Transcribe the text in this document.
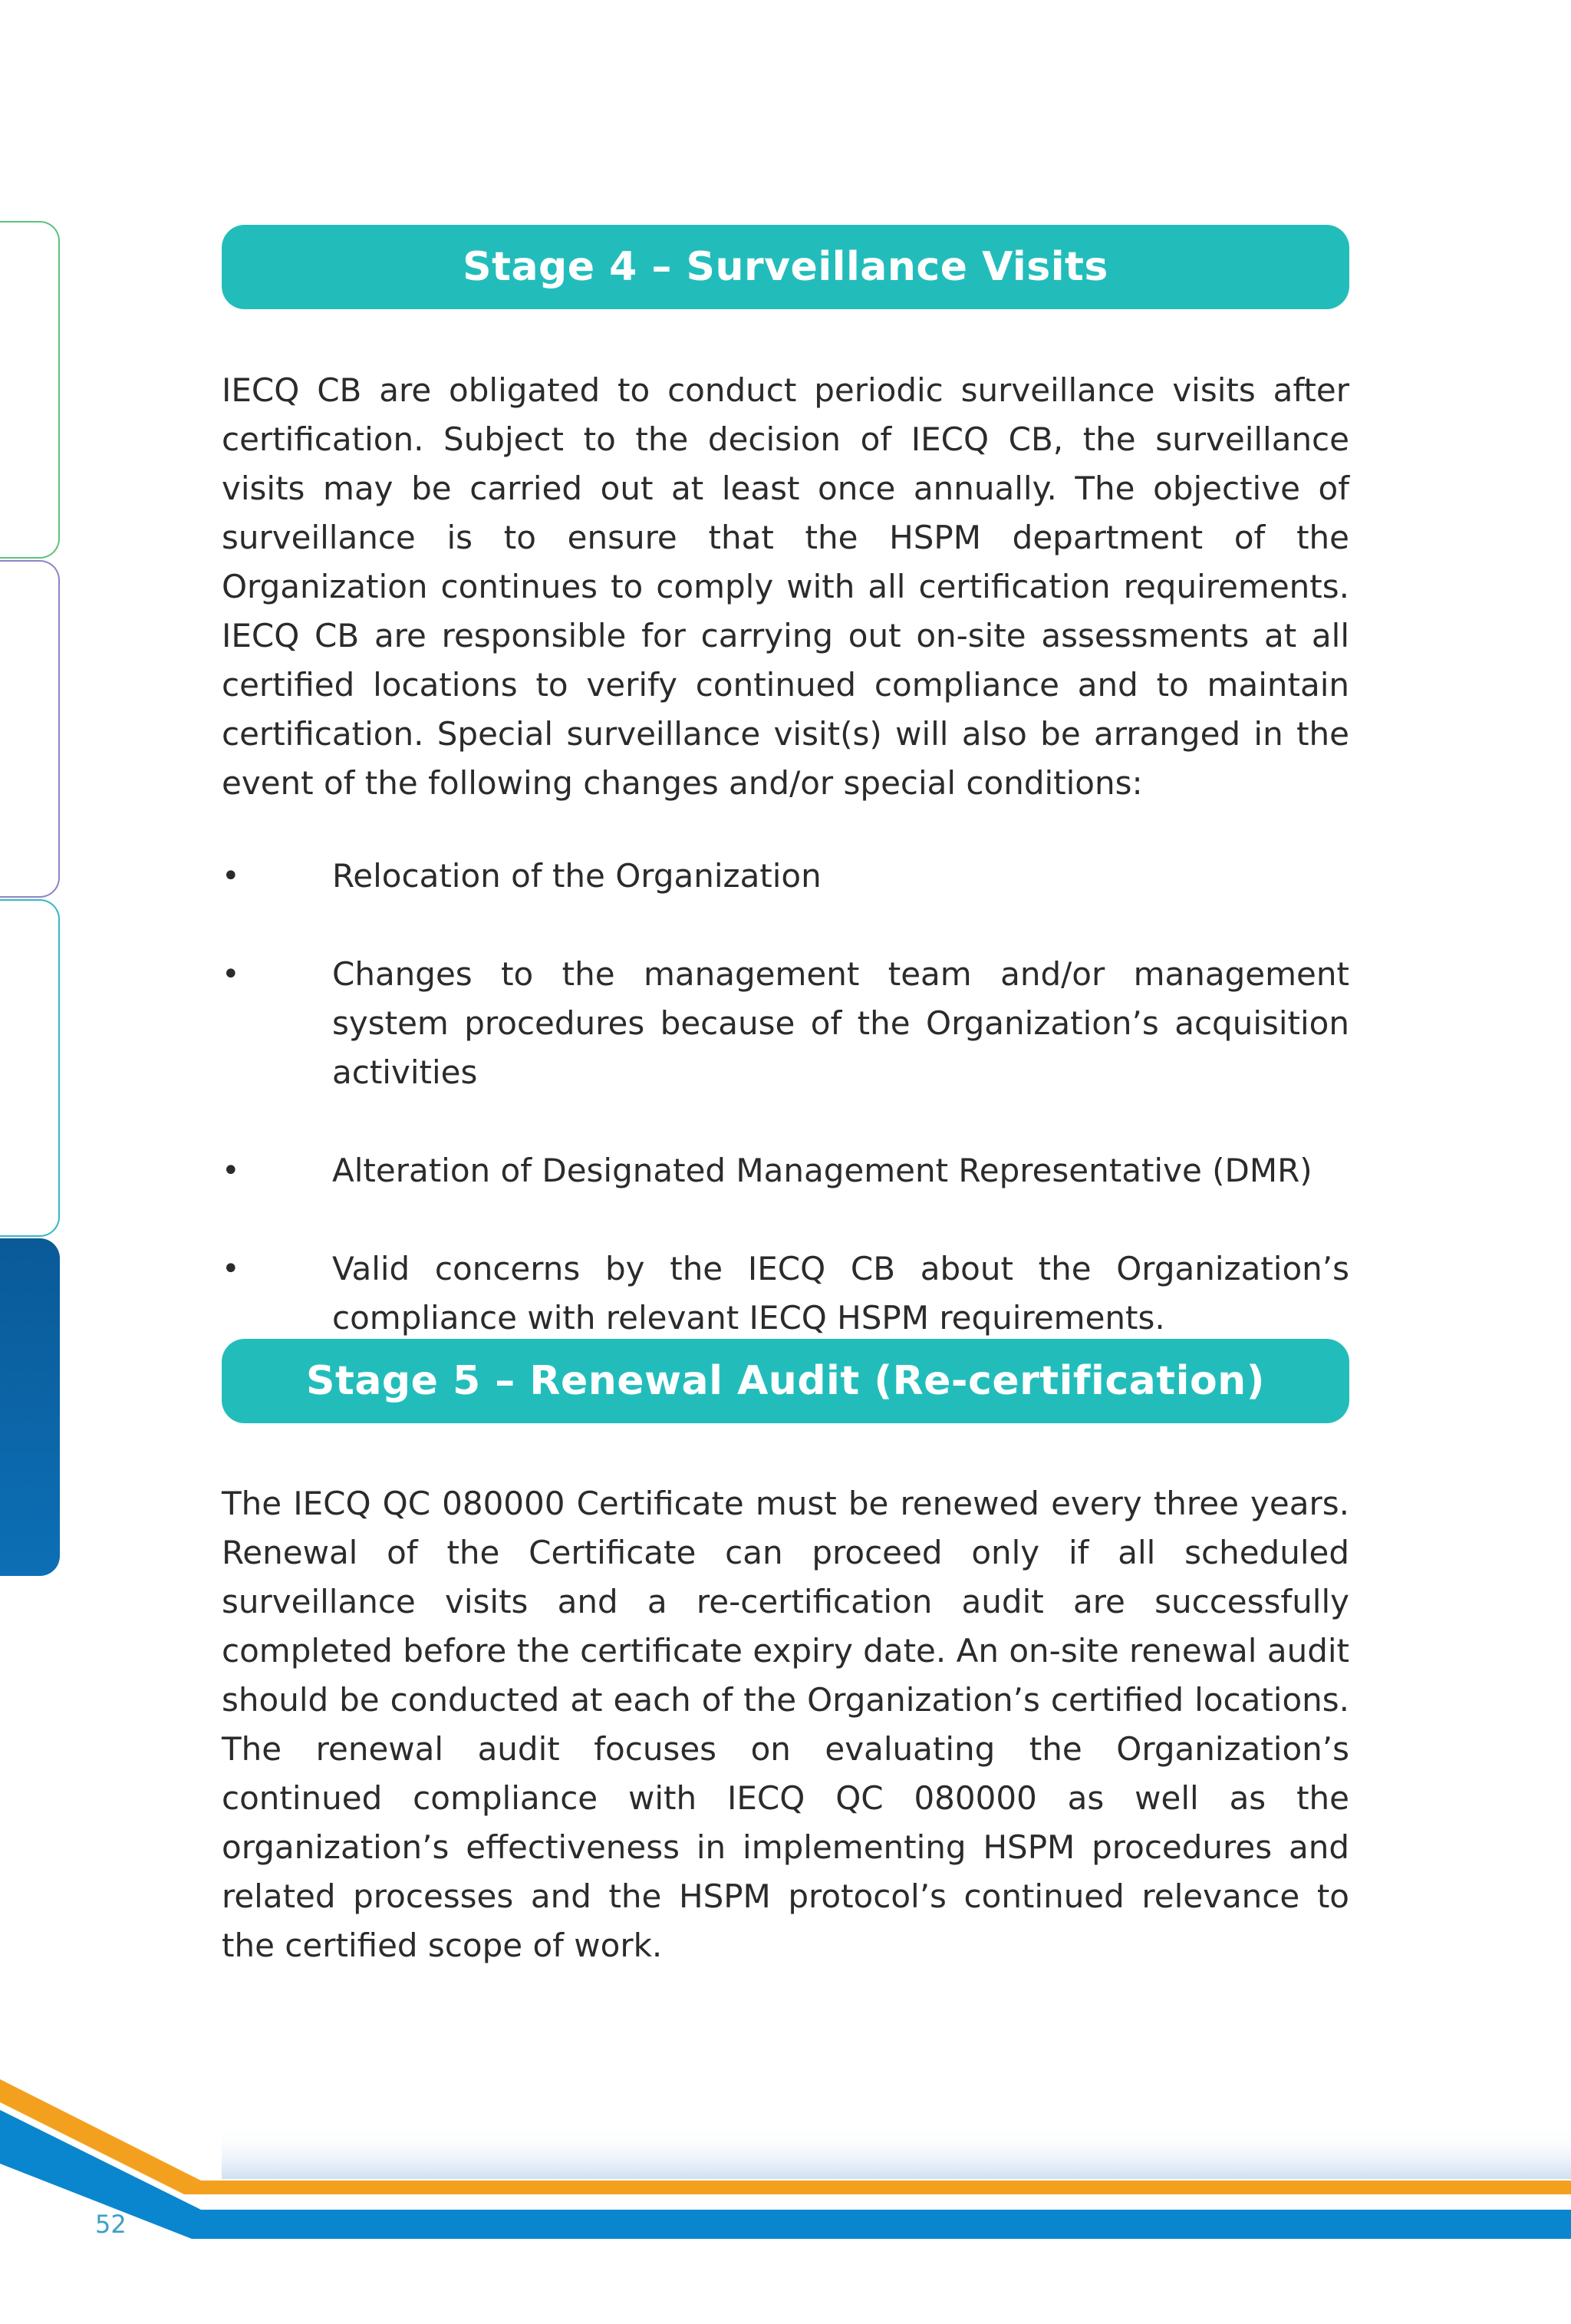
Stage 4 – Surveillance Visits

IECQ CB are obligated to conduct periodic surveillance visits after certification. Subject to the decision of IECQ CB, the surveillance visits may be carried out at least once annually. The objective of surveillance is to ensure that the HSPM department of the Organization continues to comply with all certification requirements. IECQ CB are responsible for carrying out on-site assessments at all certified locations to verify continued compliance and to maintain certification. Special surveillance visit(s) will also be arranged in the event of the following changes and/or special conditions:

•	Relocation of the Organization
•	Changes to the management team and/or management system procedures because of the Organization’s acquisition activities
•	Alteration of Designated Management Representative (DMR)
•	Valid concerns by the IECQ CB about the Organization’s compliance with relevant IECQ HSPM requirements.
Stage 5 – Renewal Audit (Re-certification)

The IECQ QC 080000 Certificate must be renewed every three years. Renewal of the Certificate can proceed only if all scheduled surveillance visits and a re-certification audit are successfully completed before the certificate expiry date. An on-site renewal audit should be conducted at each of the Organization’s certified locations. The renewal audit focuses on evaluating the Organization’s continued compliance with IECQ QC 080000 as well as the organization’s effectiveness in implementing HSPM procedures and related processes and the HSPM protocol’s continued relevance to the certified scope of work.

52
